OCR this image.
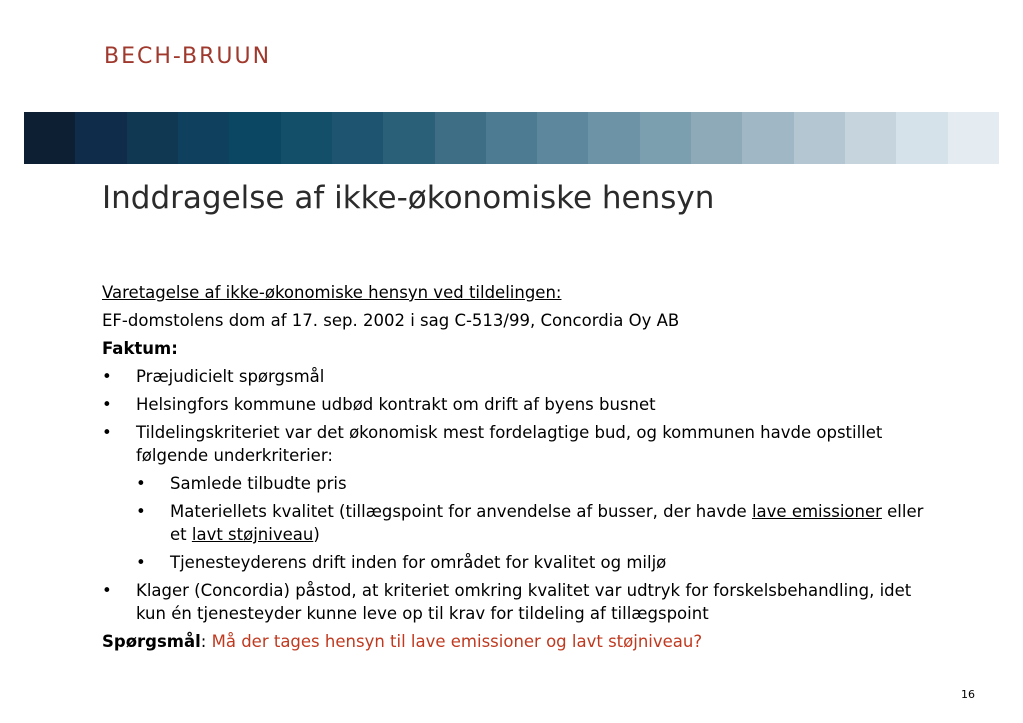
BECH-BRUUN
Inddragelse af ikke-økonomiske hensyn
Varetagelse af ikke-økonomiske hensyn ved tildelingen:
EF-domstolens dom af 17. sep. 2002 i sag C-513/99, Concordia Oy AB
Faktum:
• Præjudicielt spørgsmål
• Helsingfors kommune udbød kontrakt om drift af byens busnet
• Tildelingskriteriet var det økonomisk mest fordelagtige bud, og kommunen havde opstillet følgende underkriterier:
• Samlede tilbudte pris
• Materiellets kvalitet (tillægspoint for anvendelse af busser, der havde lave emissioner eller et lavt støjniveau)
• Tjenesteyderens drift inden for området for kvalitet og miljø
• Klager (Concordia) påstod, at kriteriet omkring kvalitet var udtryk for forskelsbehandling, idet kun én tjenesteyder kunne leve op til krav for tildeling af tillægspoint
Spørgsmål: Må der tages hensyn til lave emissioner og lavt støjniveau?
16
